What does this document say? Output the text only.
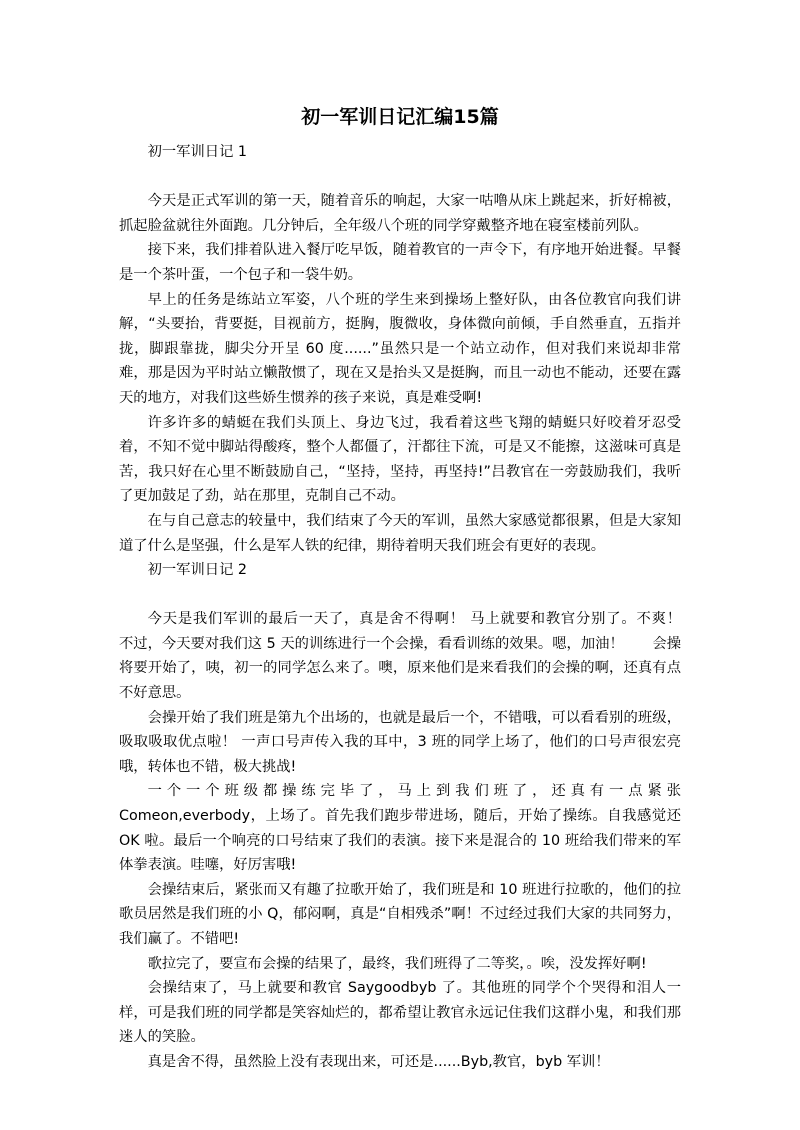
初一军训日记汇编15篇

初一军训日记 1

今天是正式军训的第一天，随着音乐的响起，大家一咕噜从床上跳起来，折好棉被，抓起脸盆就往外面跑。几分钟后，全年级八个班的同学穿戴整齐地在寝室楼前列队。

接下来，我们排着队进入餐厅吃早饭，随着教官的一声令下，有序地开始进餐。早餐是一个茶叶蛋，一个包子和一袋牛奶。

早上的任务是练站立军姿，八个班的学生来到操场上整好队，由各位教官向我们讲解，“头要抬，背要挺，目视前方，挺胸，腹微收，身体微向前倾，手自然垂直，五指并拢，脚跟靠拢，脚尖分开呈 60 度......”虽然只是一个站立动作，但对我们来说却非常难，那是因为平时站立懒散惯了，现在又是抬头又是挺胸，而且一动也不能动，还要在露天的地方，对我们这些娇生惯养的孩子来说，真是难受啊!

许多许多的蜻蜓在我们头顶上、身边飞过，我看着这些飞翔的蜻蜓只好咬着牙忍受着，不知不觉中脚站得酸疼，整个人都僵了，汗都往下流，可是又不能擦，这滋味可真是苦，我只好在心里不断鼓励自己，“坚持，坚持，再坚持!”吕教官在一旁鼓励我们，我听了更加鼓足了劲，站在那里，克制自己不动。

在与自己意志的较量中，我们结束了今天的军训，虽然大家感觉都很累，但是大家知道了什么是坚强，什么是军人铁的纪律，期待着明天我们班会有更好的表现。

初一军训日记 2

今天是我们军训的最后一天了，真是舍不得啊！ 马上就要和教官分别了。不爽！　　不过，今天要对我们这 5 天的训练进行一个会操，看看训练的效果。嗯，加油！　　会操将要开始了，咦，初一的同学怎么来了。噢，原来他们是来看我们的会操的啊，还真有点不好意思。

会操开始了我们班是第九个出场的，也就是最后一个，不错哦，可以看看别的班级，吸取吸取优点啦！ 一声口号声传入我的耳中，3 班的同学上场了，他们的口号声很宏亮哦，转体也不错，极大挑战!

一个一个班级都操练完毕了，马上到我们班了，还真有一点紧张 Comeon,everbody，上场了。首先我们跑步带进场，随后，开始了操练。自我感觉还 OK 啦。最后一个响亮的口号结束了我们的表演。接下来是混合的 10 班给我们带来的军体拳表演。哇噻，好厉害哦!

会操结束后，紧张而又有趣了拉歌开始了，我们班是和 10 班进行拉歌的，他们的拉歌员居然是我们班的小 Q，郁闷啊，真是“自相残杀”啊！不过经过我们大家的共同努力，我们赢了。不错吧!

歌拉完了，要宣布会操的结果了，最终，我们班得了二等奖，。唉，没发挥好啊!

会操结束了，马上就要和教官 Saygoodbyb 了。其他班的同学个个哭得和泪人一样，可是我们班的同学都是笑容灿烂的，都希望让教官永远记住我们这群小鬼，和我们那迷人的笑脸。

真是舍不得，虽然脸上没有表现出来，可还是......Byb,教官，byb 军训！
